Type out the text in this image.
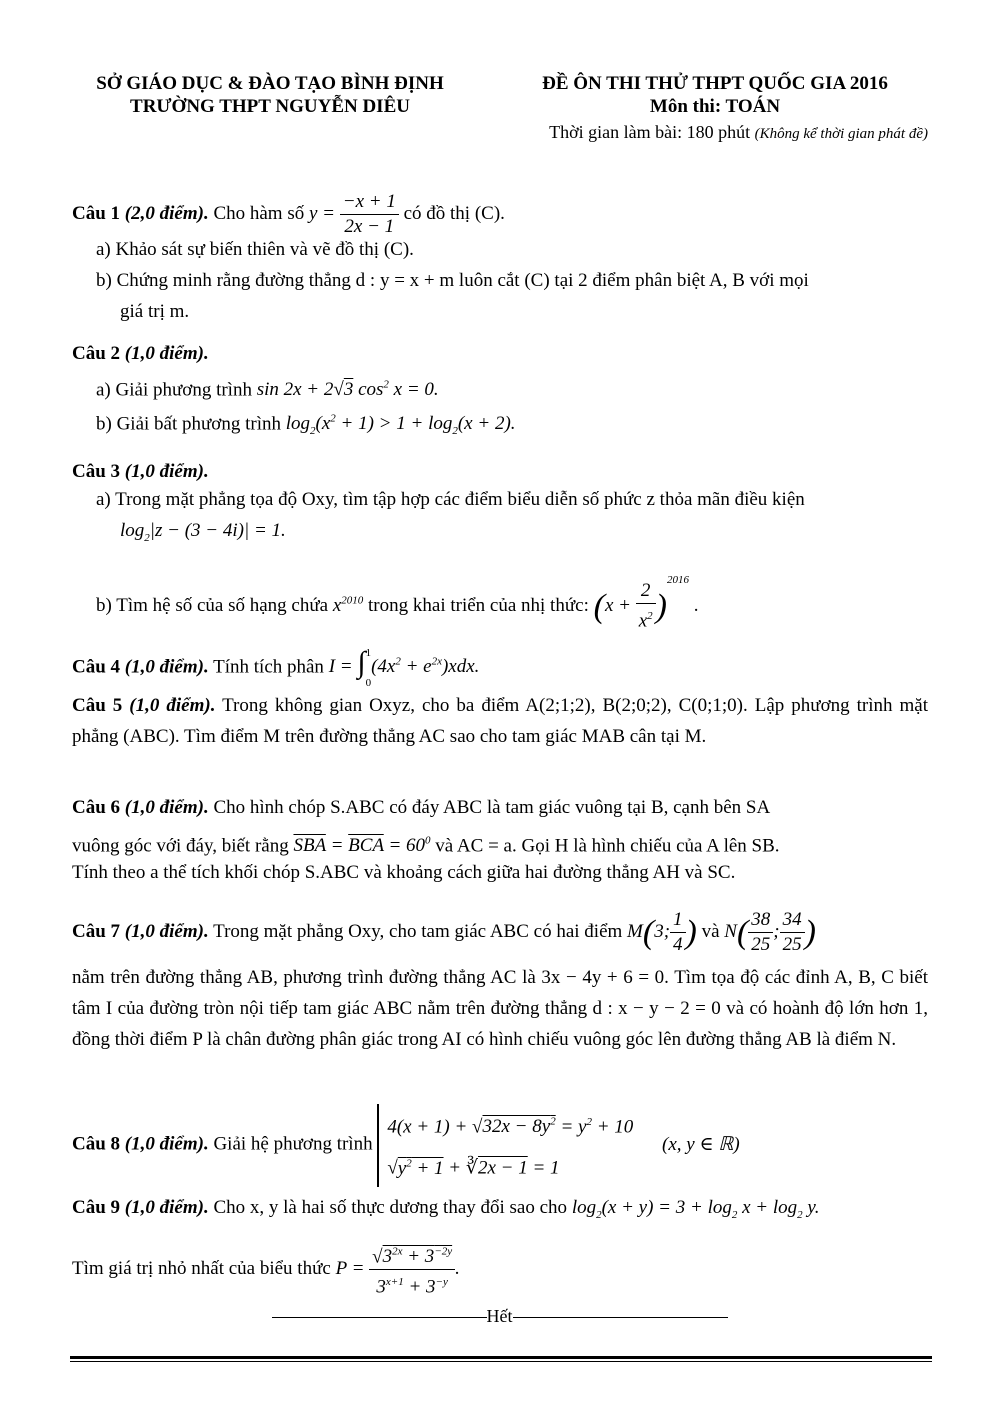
SỞ GIÁO DỤC & ĐÀO TẠO BÌNH ĐỊNH
TRƯỜNG THPT NGUYỄN DIÊU
ĐỀ ÔN THI THỬ THPT QUỐC GIA 2016
Môn thi: TOÁN
Thời gian làm bài: 180 phút (Không kể thời gian phát đề)
Câu 1 (2,0 điểm). Cho hàm số $y = \frac{-x + 1}{2x - 1}$ có đồ thị (C).
a) Khảo sát sự biến thiên và vẽ đồ thị (C).
b) Chứng minh rằng đường thẳng d : y = x + m luôn cắt (C) tại 2 điểm phân biệt A, B với mọi
giá trị m.
Câu 2 (1,0 điểm).
a) Giải phương trình sin 2x + 2√3 $\cos^2 x = 0$.
b) Giải bất phương trình $\log_2(x^2 + 1) > 1 + \log_2(x + 2)$.
Câu 3 (1,0 điểm).
a) Trong mặt phẳng tọa độ Oxy, tìm tập hợp các điểm biểu diễn số phức z thỏa mãn điều kiện
$\log_2|z - (3 - 4i)| = 1$.
b) Tìm hệ số của số hạng chứa $x^{2010}$ trong khai triển của nhị thức: $(x + \frac{2}{x^2} )^{2016}$ .
Câu 4 (1,0 điểm). Tính tích phân I = ∫ 1
0
$(4x^2 + e^{2x})xdx$.
Câu 5 (1,0 điểm). Trong không gian Oxyz, cho ba điểm A(2;1;2), B(2;0;2), C(0;1;0). Lập phương trình mặt phẳng (ABC). Tìm điểm M trên đường thẳng AC sao cho tam giác MAB cân tại M.
Câu 6 (1,0 điểm). Cho hình chóp S.ABC có đáy ABC là tam giác vuông tại B, cạnh bên SA
vuông góc với đáy, biết rằng $\overline{SBA} = \overline{BCA} = 60^0$ và AC = a. Gọi H là hình chiếu của A lên SB.
Tính theo a thể tích khối chóp S.ABC và khoảng cách giữa hai đường thẳng AH và SC.
Câu 7 (1,0 điểm). Trong mặt phẳng Oxy, cho tam giác ABC có hai điểm M(3; $\frac{1}{4}$ ) và $N( \frac{38}{25}$ ; $\frac{34}{25}$ )
nằm trên đường thẳng AB, phương trình đường thẳng AC là 3x − 4y + 6 = 0. Tìm tọa độ các đỉnh A, B, C biết tâm I của đường tròn nội tiếp tam giác ABC nằm trên đường thẳng d : x − y − 2 = 0 và có hoành độ lớn hơn 1, đồng thời điểm P là chân đường phân giác trong AI có hình chiếu vuông góc lên đường thẳng AB là điểm N.
Câu 8 (1,0 điểm). Giải hệ phương trình
$4(x + 1) + √32x - 8y^2 = y^2 + 10$
$√y^2 + 1$ + ∛2x − 1 = 1
(x, y ∈ ℝ)
Câu 9 (1,0 điểm). Cho x, y là hai số thực dương thay đổi sao cho $\log_2(x + y) = 3 + \log_2 x + \log_2 y$.
Tìm giá trị nhỏ nhất của biểu thức $P = \frac{√3^{2x} + 3^{-2y}}{3^{x+1} + 3^{-y}}$ .
Hết
